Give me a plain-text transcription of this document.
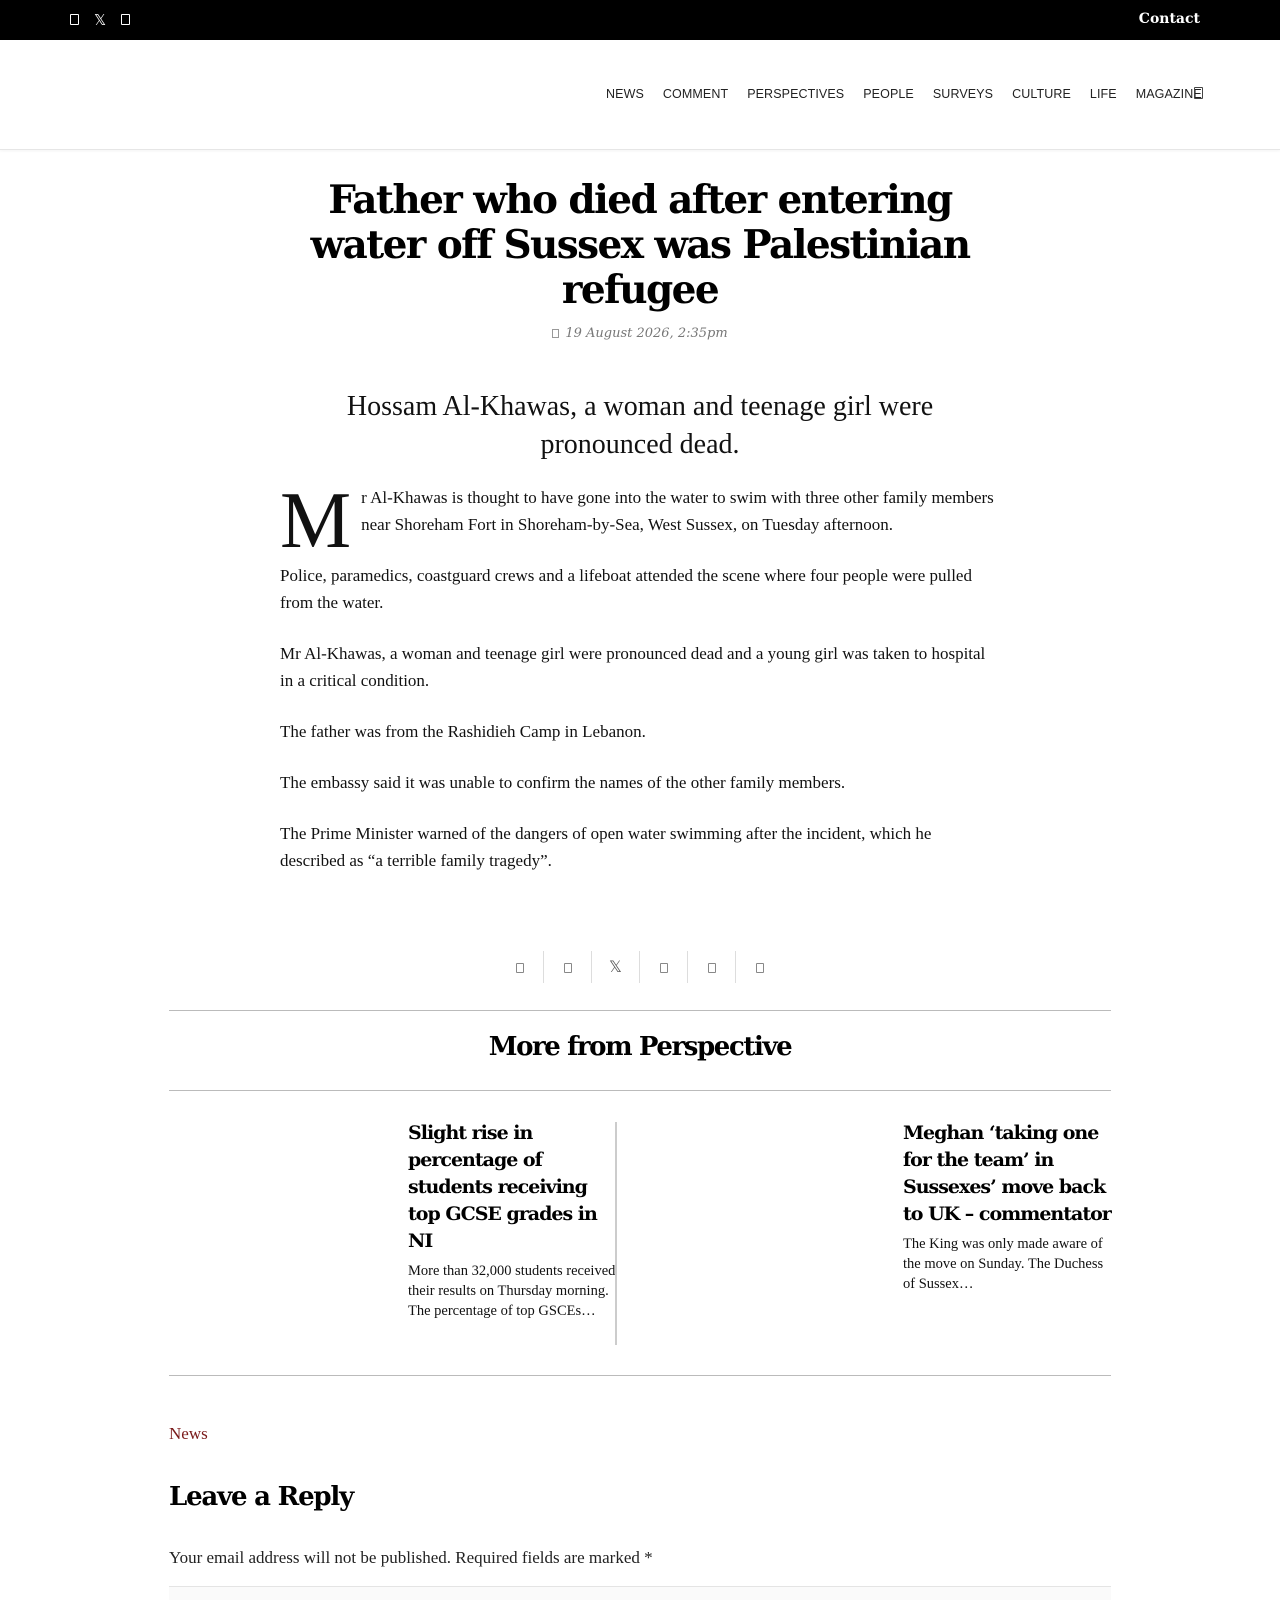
𝕏	Contact
NEWS COMMENT PERSPECTIVES PEOPLE SURVEYS CULTURE LIFE MAGAZINE
Father who died after entering water off Sussex was Palestinian refugee
19 August 2026, 2:35pm
Hossam Al-Khawas, a woman and teenage girl were pronounced dead.

Mr Al-Khawas is thought to have gone into the water to swim with three other family members near Shoreham Fort in Shoreham-by-Sea, West Sussex, on Tuesday afternoon.

Police, paramedics, coastguard crews and a lifeboat attended the scene where four people were pulled from the water.

Mr Al-Khawas, a woman and teenage girl were pronounced dead and a young girl was taken to hospital in a critical condition.

The father was from the Rashidieh Camp in Lebanon.

The embassy said it was unable to confirm the names of the other family members.

The Prime Minister warned of the dangers of open water swimming after the incident, which he described as “a terrible family tragedy”.

𝕏
More from Perspective
Slight rise in percentage of students receiving top GCSE grades in NI

More than 32,000 students received their results on Thursday morning. The percentage of top GSCEs…

Meghan ‘taking one for the team’ in Sussexes’ move back to UK – commentator

The King was only made aware of the move on Sunday. The Duchess of Sussex…

News
Leave a Reply

Your email address will not be published. Required fields are marked *
